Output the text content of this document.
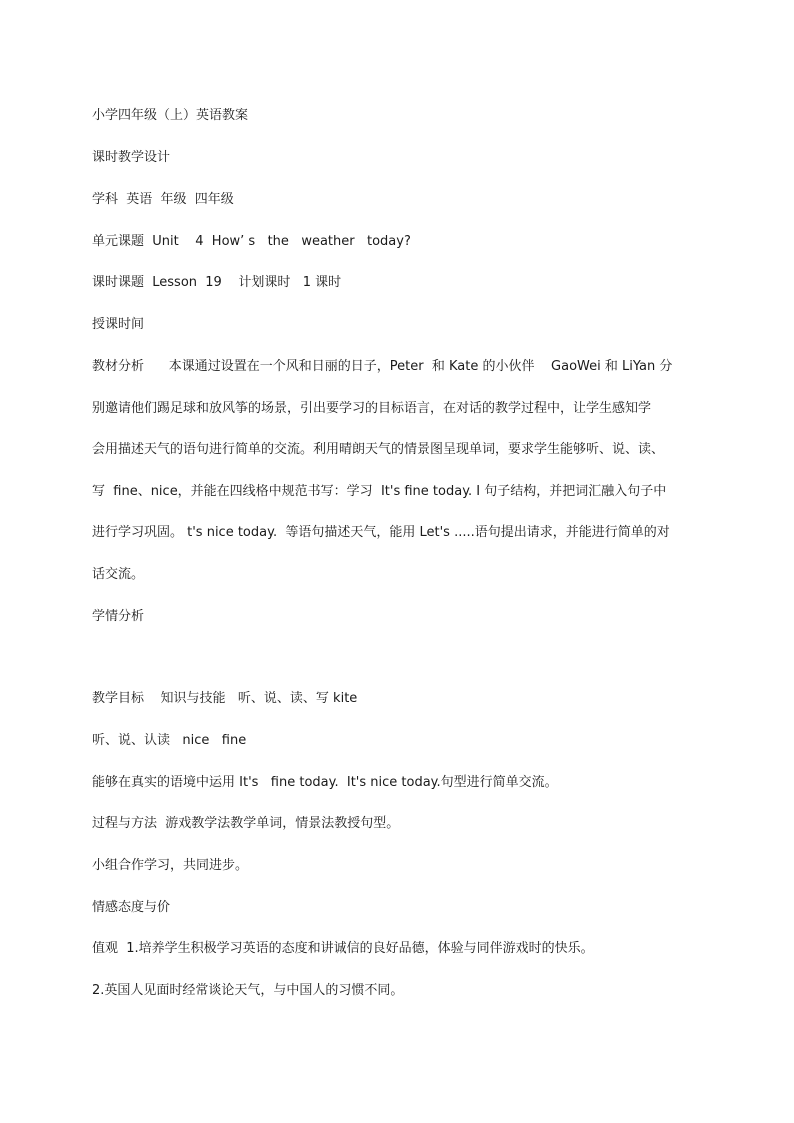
小学四年级（上）英语教案
课时教学设计
学科  英语  年级  四年级
单元课题  Unit    4  How’ s   the   weather   today?
课时课题  Lesson  19    计划课时   1 课时
授课时间
教材分析      本课通过设置在一个风和日丽的日子，Peter  和 Kate 的小伙伴    GaoWei 和 LiYan 分
别邀请他们踢足球和放风筝的场景，引出要学习的目标语言，在对话的教学过程中，让学生感知学
会用描述天气的语句进行简单的交流。利用晴朗天气的情景图呈现单词，要求学生能够听、说、读、
写  fine、nice，并能在四线格中规范书写：学习  It's fine today. I 句子结构，并把词汇融入句子中
进行学习巩固。 t's nice today.  等语句描述天气，能用 Let's .....语句提出请求，并能进行简单的对
话交流。
学情分析
教学目标    知识与技能   听、说、读、写 kite
听、说、认读   nice   fine
能够在真实的语境中运用 It's   fine today.  It's nice today.句型进行简单交流。
过程与方法  游戏教学法教学单词，情景法教授句型。
小组合作学习，共同进步。
情感态度与价
值观  1.培养学生积极学习英语的态度和讲诚信的良好品德，体验与同伴游戏时的快乐。
2.英国人见面时经常谈论天气，与中国人的习惯不同。
